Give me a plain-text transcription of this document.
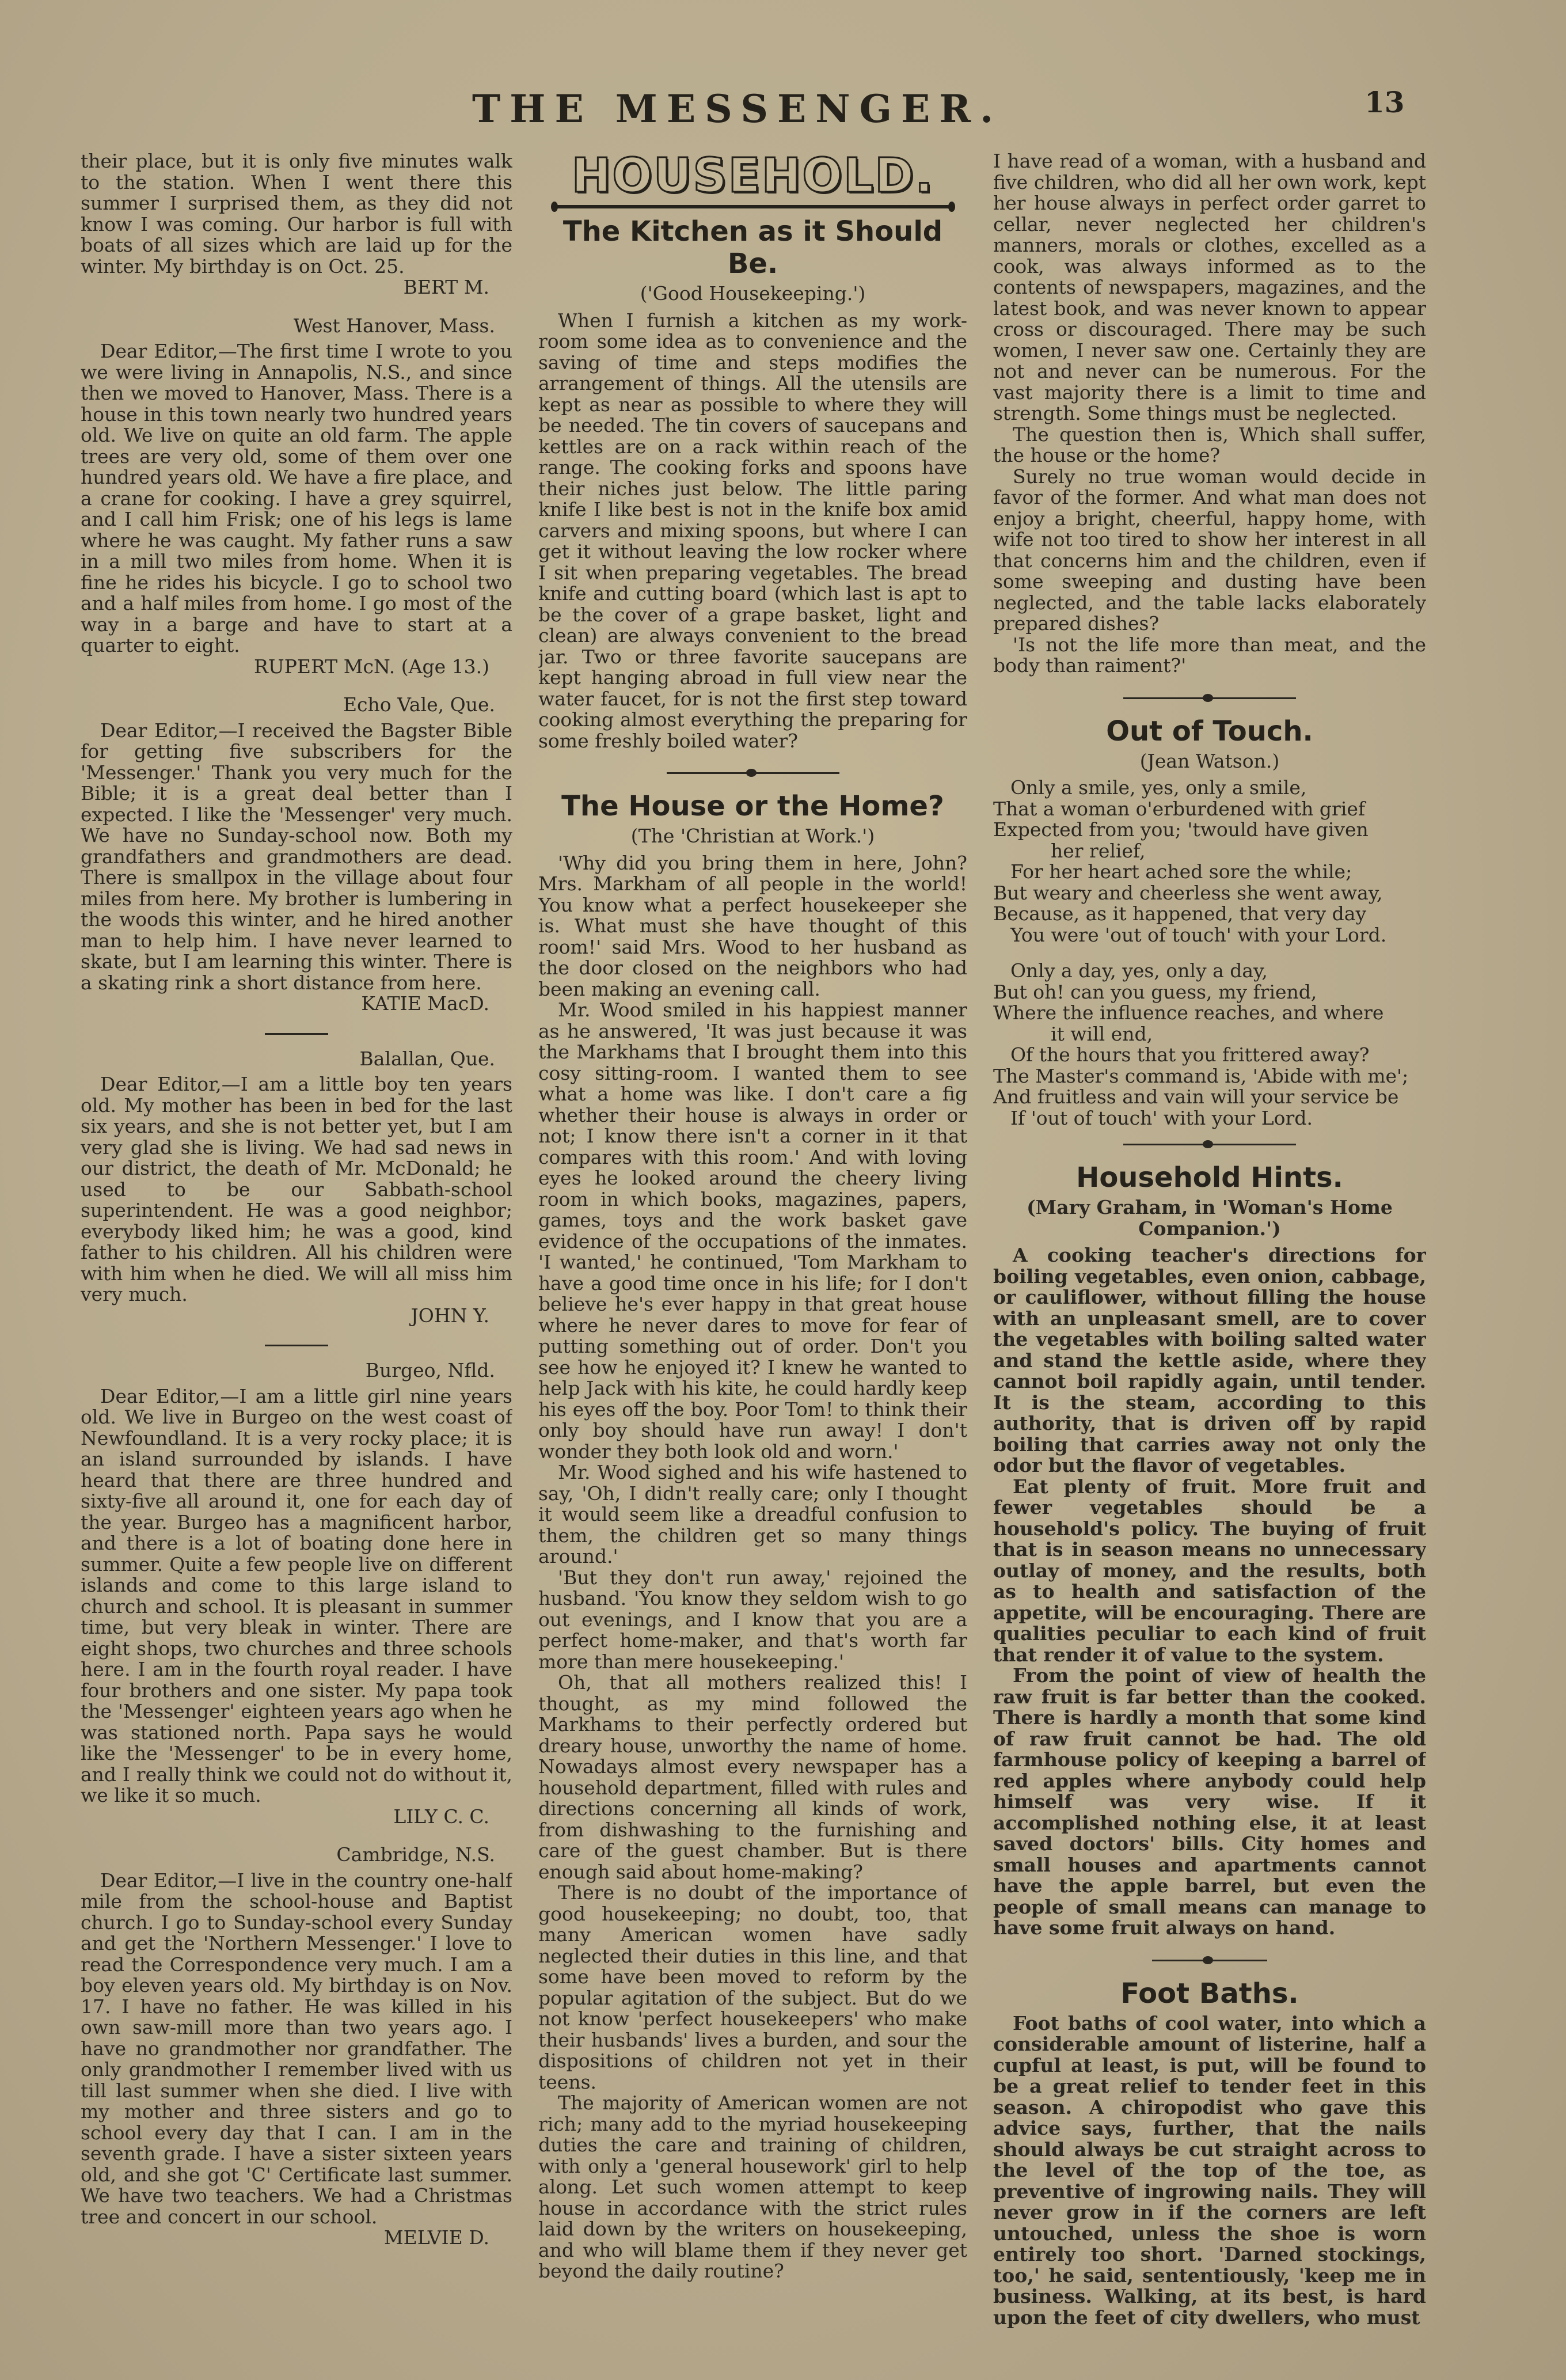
THE MESSENGER.	13

their place, but it is only five minutes walk to the station. When I went there this summer I surprised them, as they did not know I was coming. Our harbor is full with boats of all sizes which are laid up for the winter. My birthday is on Oct. 25.

BERT M.
West Hanover, Mass.

Dear Editor,—The first time I wrote to you we were living in Annapolis, N.S., and since then we moved to Hanover, Mass. There is a house in this town nearly two hundred years old. We live on quite an old farm. The apple trees are very old, some of them over one hundred years old. We have a fire place, and a crane for cooking. I have a grey squirrel, and I call him Frisk; one of his legs is lame where he was caught. My father runs a saw in a mill two miles from home. When it is fine he rides his bicycle. I go to school two and a half miles from home. I go most of the way in a barge and have to start at a quarter to eight.

RUPERT McN. (Age 13.)
Echo Vale, Que.

Dear Editor,—I received the Bagster Bible for getting five subscribers for the 'Messenger.' Thank you very much for the Bible; it is a great deal better than I expected. I like the 'Messenger' very much. We have no Sunday-school now. Both my grandfathers and grandmothers are dead. There is smallpox in the village about four miles from here. My brother is lumbering in the woods this winter, and he hired another man to help him. I have never learned to skate, but I am learning this winter. There is a skating rink a short distance from here.

KATIE MacD.
Balallan, Que.

Dear Editor,—I am a little boy ten years old. My mother has been in bed for the last six years, and she is not better yet, but I am very glad she is living. We had sad news in our district, the death of Mr. McDonald; he used to be our Sabbath-school superintendent. He was a good neighbor; everybody liked him; he was a good, kind father to his children. All his children were with him when he died. We will all miss him very much.

JOHN Y.
Burgeo, Nfld.

Dear Editor,—I am a little girl nine years old. We live in Burgeo on the west coast of Newfoundland. It is a very rocky place; it is an island surrounded by islands. I have heard that there are three hundred and sixty-five all around it, one for each day of the year. Burgeo has a magnificent harbor, and there is a lot of boating done here in summer. Quite a few people live on different islands and come to this large island to church and school. It is pleasant in summer time, but very bleak in winter. There are eight shops, two churches and three schools here. I am in the fourth royal reader. I have four brothers and one sister. My papa took the 'Messenger' eighteen years ago when he was stationed north. Papa says he would like the 'Messenger' to be in every home, and I really think we could not do without it, we like it so much.

LILY C. C.
Cambridge, N.S.

Dear Editor,—I live in the country one-half mile from the school-house and Baptist church. I go to Sunday-school every Sunday and get the 'Northern Messenger.' I love to read the Correspondence very much. I am a boy eleven years old. My birthday is on Nov. 17. I have no father. He was killed in his own saw-mill more than two years ago. I have no grandmother nor grandfather. The only grandmother I remember lived with us till last summer when she died. I live with my mother and three sisters and go to school every day that I can. I am in the seventh grade. I have a sister sixteen years old, and she got 'C' Certificate last summer. We have two teachers. We had a Christmas tree and concert in our school.

MELVIE D.
HOUSEHOLD.
The Kitchen as it Should Be.
('Good Housekeeping.')

When I furnish a kitchen as my work-room some idea as to convenience and the saving of time and steps modifies the arrangement of things. All the utensils are kept as near as possible to where they will be needed. The tin covers of saucepans and kettles are on a rack within reach of the range. The cooking forks and spoons have their niches just below. The little paring knife I like best is not in the knife box amid carvers and mixing spoons, but where I can get it without leaving the low rocker where I sit when preparing vegetables. The bread knife and cutting board (which last is apt to be the cover of a grape basket, light and clean) are always convenient to the bread jar. Two or three favorite saucepans are kept hanging abroad in full view near the water faucet, for is not the first step toward cooking almost everything the preparing for some freshly boiled water?

The House or the Home?
(The 'Christian at Work.')

'Why did you bring them in here, John? Mrs. Markham of all people in the world! You know what a perfect housekeeper she is. What must she have thought of this room!' said Mrs. Wood to her husband as the door closed on the neighbors who had been making an evening call.

Mr. Wood smiled in his happiest manner as he answered, 'It was just because it was the Markhams that I brought them into this cosy sitting-room. I wanted them to see what a home was like. I don't care a fig whether their house is always in order or not; I know there isn't a corner in it that compares with this room.' And with loving eyes he looked around the cheery living room in which books, magazines, papers, games, toys and the work basket gave evidence of the occupations of the inmates. 'I wanted,' he continued, 'Tom Markham to have a good time once in his life; for I don't believe he's ever happy in that great house where he never dares to move for fear of putting something out of order. Don't you see how he enjoyed it? I knew he wanted to help Jack with his kite, he could hardly keep his eyes off the boy. Poor Tom! to think their only boy should have run away! I don't wonder they both look old and worn.'

Mr. Wood sighed and his wife hastened to say, 'Oh, I didn't really care; only I thought it would seem like a dreadful confusion to them, the children get so many things around.'

'But they don't run away,' rejoined the husband. 'You know they seldom wish to go out evenings, and I know that you are a perfect home-maker, and that's worth far more than mere housekeeping.'

Oh, that all mothers realized this! I thought, as my mind followed the Markhams to their perfectly ordered but dreary house, unworthy the name of home. Nowadays almost every newspaper has a household department, filled with rules and directions concerning all kinds of work, from dishwashing to the furnishing and care of the guest chamber. But is there enough said about home-making?

There is no doubt of the importance of good housekeeping; no doubt, too, that many American women have sadly neglected their duties in this line, and that some have been moved to reform by the popular agitation of the subject. But do we not know 'perfect housekeepers' who make their husbands' lives a burden, and sour the dispositions of children not yet in their teens.

The majority of American women are not rich; many add to the myriad housekeeping duties the care and training of children, with only a 'general housework' girl to help along. Let such women attempt to keep house in accordance with the strict rules laid down by the writers on housekeeping, and who will blame them if they never get beyond the daily routine?

I have read of a woman, with a husband and five children, who did all her own work, kept her house always in perfect order garret to cellar, never neglected her children's manners, morals or clothes, excelled as a cook, was always informed as to the contents of newspapers, magazines, and the latest book, and was never known to appear cross or discouraged. There may be such women, I never saw one. Certainly they are not and never can be numerous. For the vast majority there is a limit to time and strength. Some things must be neglected.

The question then is, Which shall suffer, the house or the home?

Surely no true woman would decide in favor of the former. And what man does not enjoy a bright, cheerful, happy home, with wife not too tired to show her interest in all that concerns him and the children, even if some sweeping and dusting have been neglected, and the table lacks elaborately prepared dishes?

'Is not the life more than meat, and the body than raiment?'

Out of Touch.
(Jean Watson.)
Only a smile, yes, only a smile,
That a woman o'erburdened with grief
Expected from you; 'twould have given
her relief,
For her heart ached sore the while;
But weary and cheerless she went away,
Because, as it happened, that very day
You were 'out of touch' with your Lord.
Only a day, yes, only a day,
But oh! can you guess, my friend,
Where the influence reaches, and where
it will end,
Of the hours that you frittered away?
The Master's command is, 'Abide with me';
And fruitless and vain will your service be
If 'out of touch' with your Lord.
Household Hints.
(Mary Graham, in 'Woman's Home Companion.')

A cooking teacher's directions for boiling vegetables, even onion, cabbage, or cauliflower, without filling the house with an unpleasant smell, are to cover the vegetables with boiling salted water and stand the kettle aside, where they cannot boil rapidly again, until tender. It is the steam, according to this authority, that is driven off by rapid boiling that carries away not only the odor but the flavor of vegetables.

Eat plenty of fruit. More fruit and fewer vegetables should be a household's policy. The buying of fruit that is in season means no unnecessary outlay of money, and the results, both as to health and satisfaction of the appetite, will be encouraging. There are qualities peculiar to each kind of fruit that render it of value to the system.

From the point of view of health the raw fruit is far better than the cooked. There is hardly a month that some kind of raw fruit cannot be had. The old farmhouse policy of keeping a barrel of red apples where anybody could help himself was very wise. If it accomplished nothing else, it at least saved doctors' bills. City homes and small houses and apartments cannot have the apple barrel, but even the people of small means can manage to have some fruit always on hand.

Foot Baths.

Foot baths of cool water, into which a considerable amount of listerine, half a cupful at least, is put, will be found to be a great relief to tender feet in this season. A chiropodist who gave this advice says, further, that the nails should always be cut straight across to the level of the top of the toe, as preventive of ingrowing nails. They will never grow in if the corners are left untouched, unless the shoe is worn entirely too short. 'Darned stockings, too,' he said, sententiously, 'keep me in business. Walking, at its best, is hard upon the feet of city dwellers, who must
